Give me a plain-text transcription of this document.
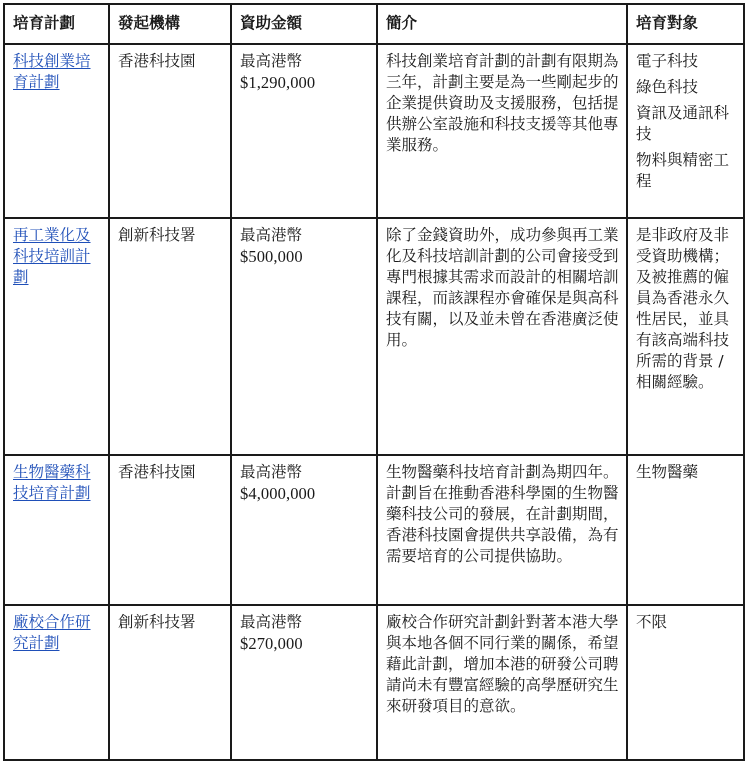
培育計劃	發起機構	資助金額	簡介	培育對象
科技創業培育計劃	香港科技園	最高港幣
$1,290,000	科技創業培育計劃的計劃有限期為三年，計劃主要是為一些剛起步的企業提供資助及支援服務，包括提供辦公室設施和科技支援等其他專業服務。	電子科技
綠色科技
資訊及通訊科技
物料與精密工程

再工業化及科技培訓計劃	創新科技署	最高港幣
$500,000	除了金錢資助外，成功參與再工業化及科技培訓計劃的公司會接受到專門根據其需求而設計的相關培訓課程，而該課程亦會確保是與高科技有關，以及並未曾在香港廣泛使用。	是非政府及非受資助機構；及被推薦的僱員為香港永久性居民，並具有該高端科技所需的背景 / 相關經驗。

生物醫藥科技培育計劃	香港科技園	最高港幣
$4,000,000	生物醫藥科技培育計劃為期四年。計劃旨在推動香港科學園的生物醫藥科技公司的發展，在計劃期間，香港科技園會提供共享設備，為有需要培育的公司提供協助。	生物醫藥

廠校合作研究計劃	創新科技署	最高港幣
$270,000	廠校合作研究計劃針對著本港大學與本地各個不同行業的關係，希望藉此計劃，增加本港的研發公司聘請尚未有豐富經驗的高學歷研究生來研發項目的意欲。	不限
